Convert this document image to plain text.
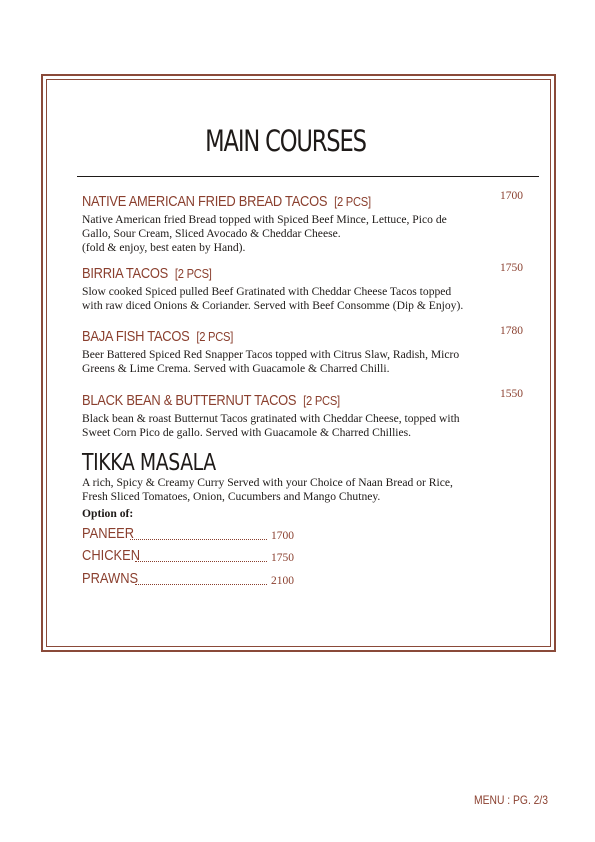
MAIN COURSES
NATIVE AMERICAN FRIED BREAD TACOS [2 PCS]
Native American fried Bread topped with Spiced Beef Mince, Lettuce, Pico de
Gallo, Sour Cream, Sliced Avocado & Cheddar Cheese.
(fold & enjoy, best eaten by Hand).
1700
BIRRIA TACOS [2 PCS]
Slow cooked Spiced pulled Beef Gratinated with Cheddar Cheese Tacos topped
with raw diced Onions & Coriander. Served with Beef Consomme (Dip & Enjoy).
1750
BAJA FISH TACOS [2 PCS]
Beer Battered Spiced Red Snapper Tacos topped with Citrus Slaw, Radish, Micro
Greens & Lime Crema. Served with Guacamole & Charred Chilli.
1780
BLACK BEAN & BUTTERNUT TACOS [2 PCS]
Black bean & roast Butternut Tacos gratinated with Cheddar Cheese, topped with
Sweet Corn Pico de gallo. Served with Guacamole & Charred Chillies.
1550
TIKKA MASALA
A rich, Spicy & Creamy Curry Served with your Choice of Naan Bread or Rice,
Fresh Sliced Tomatoes, Onion, Cucumbers and Mango Chutney.
Option of:
PANEER	1700
CHICKEN	1750
PRAWNS	2100
MENU : PG. 2/3
